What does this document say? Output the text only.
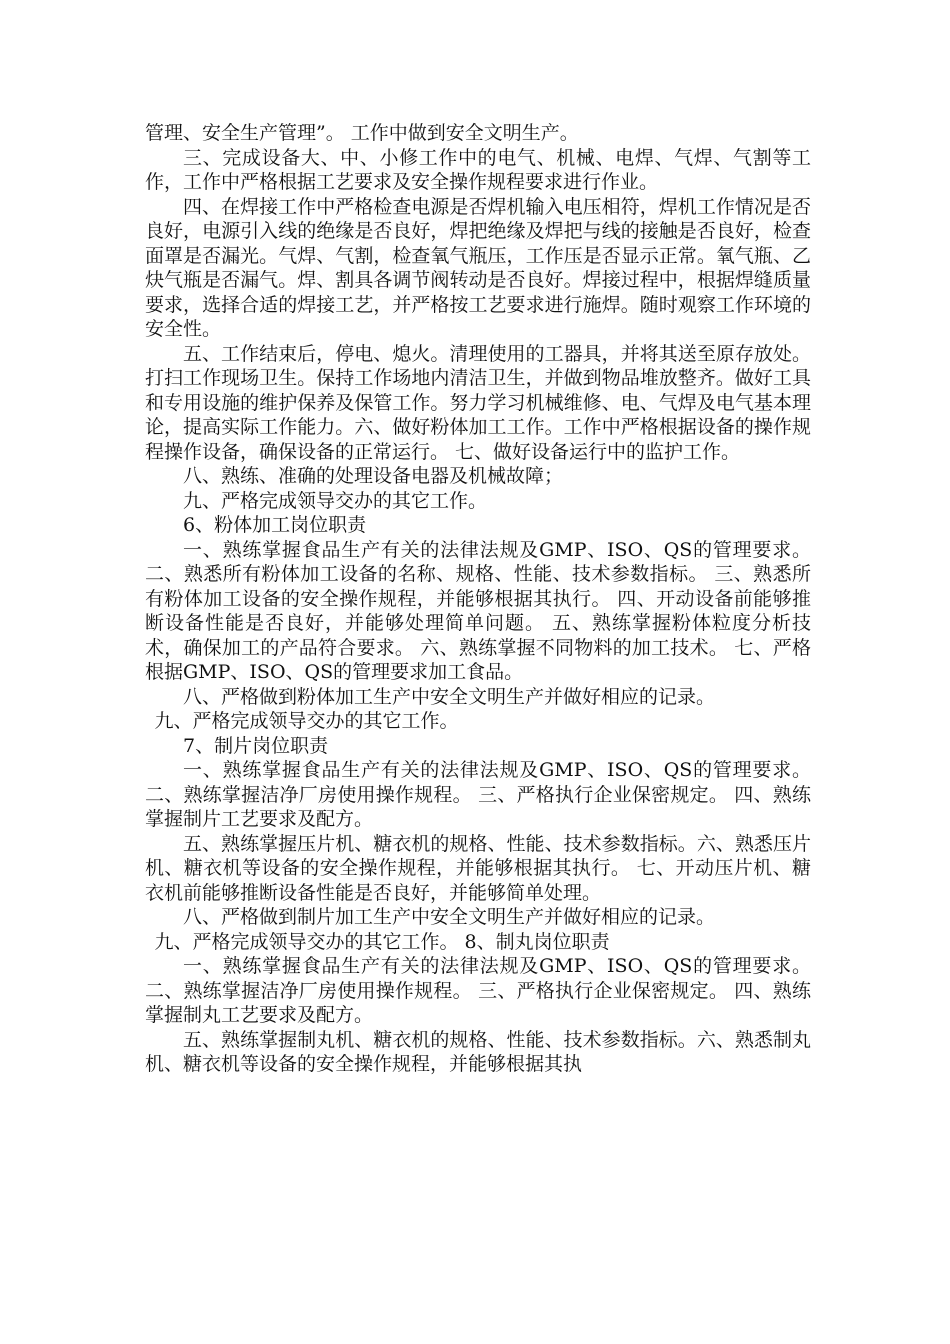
管理、安全生产管理”。 工作中做到安全文明生产。

三、完成设备大、中、小修工作中的电气、机械、电焊、气焊、气割等工作，工作中严格根据工艺要求及安全操作规程要求进行作业。

四、在焊接工作中严格检查电源是否焊机输入电压相符，焊机工作情况是否良好，电源引入线的绝缘是否良好，焊把绝缘及焊把与线的接触是否良好，检查面罩是否漏光。气焊、气割，检查氧气瓶压，工作压是否显示正常。氧气瓶、乙炔气瓶是否漏气。焊、割具各调节阀转动是否良好。焊接过程中，根据焊缝质量要求，选择合适的焊接工艺，并严格按工艺要求进行施焊。随时观察工作环境的安全性。

五、工作结束后，停电、熄火。清理使用的工器具，并将其送至原存放处。打扫工作现场卫生。保持工作场地内清洁卫生，并做到物品堆放整齐。做好工具和专用设施的维护保养及保管工作。努力学习机械维修、电、气焊及电气基本理论，提高实际工作能力。六、做好粉体加工工作。工作中严格根据设备的操作规程操作设备，确保设备的正常运行。 七、做好设备运行中的监护工作。

八、熟练、准确的处理设备电器及机械故障；

九、严格完成领导交办的其它工作。

6、粉体加工岗位职责

一、熟练掌握食品生产有关的法律法规及GMP、ISO、QS的管理要求。 二、熟悉所有粉体加工设备的名称、规格、性能、技术参数指标。 三、熟悉所有粉体加工设备的安全操作规程，并能够根据其执行。 四、开动设备前能够推断设备性能是否良好，并能够处理简单问题。 五、熟练掌握粉体粒度分析技术，确保加工的产品符合要求。 六、熟练掌握不同物料的加工技术。 七、严格根据GMP、ISO、QS的管理要求加工食品。

八、严格做到粉体加工生产中安全文明生产并做好相应的记录。

九、严格完成领导交办的其它工作。

7、制片岗位职责

一、熟练掌握食品生产有关的法律法规及GMP、ISO、QS的管理要求。 二、熟练掌握洁净厂房使用操作规程。 三、严格执行企业保密规定。 四、熟练掌握制片工艺要求及配方。

五、熟练掌握压片机、糖衣机的规格、性能、技术参数指标。六、熟悉压片机、糖衣机等设备的安全操作规程，并能够根据其执行。 七、开动压片机、糖衣机前能够推断设备性能是否良好，并能够简单处理。

八、严格做到制片加工生产中安全文明生产并做好相应的记录。

九、严格完成领导交办的其它工作。 8、制丸岗位职责

一、熟练掌握食品生产有关的法律法规及GMP、ISO、QS的管理要求。 二、熟练掌握洁净厂房使用操作规程。 三、严格执行企业保密规定。 四、熟练掌握制丸工艺要求及配方。

五、熟练掌握制丸机、糖衣机的规格、性能、技术参数指标。六、熟悉制丸机、糖衣机等设备的安全操作规程，并能够根据其执
